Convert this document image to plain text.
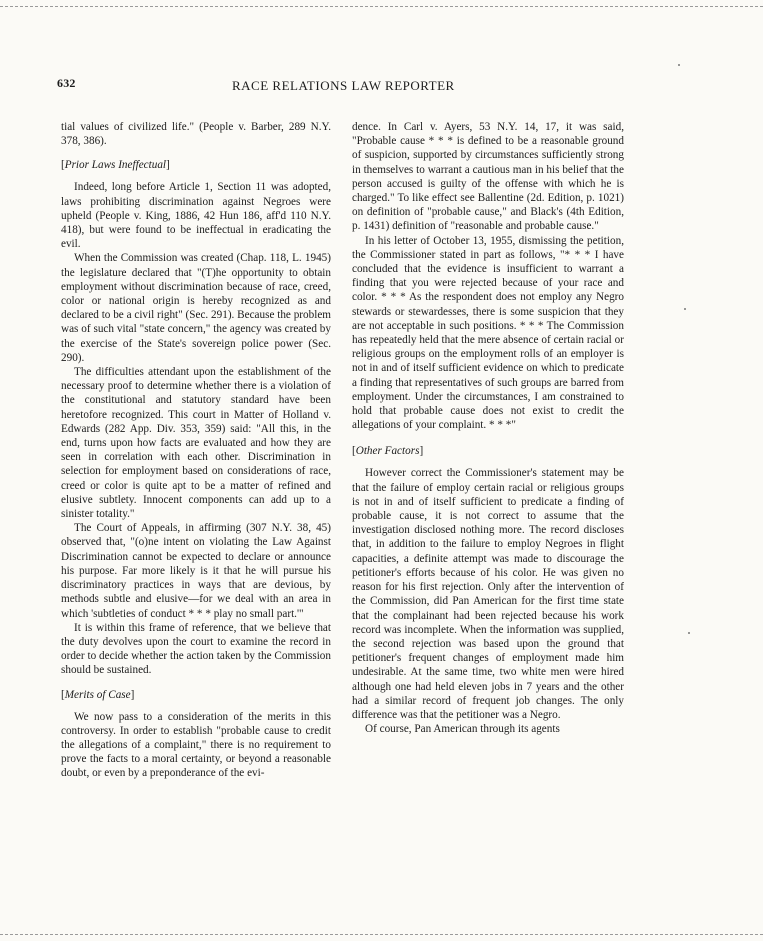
632	RACE RELATIONS LAW REPORTER

tial values of civilized life." (People v. Barber, 289 N.Y. 378, 386).

[Prior Laws Ineffectual]

Indeed, long before Article 1, Section 11 was adopted, laws prohibiting discrimination against Negroes were upheld (People v. King, 1886, 42 Hun 186, aff'd 110 N.Y. 418), but were found to be ineffectual in eradicating the evil.

When the Commission was created (Chap. 118, L. 1945) the legislature declared that "(T)he opportunity to obtain employment without discrimination because of race, creed, color or national origin is hereby recognized as and declared to be a civil right" (Sec. 291). Because the problem was of such vital "state concern," the agency was created by the exercise of the State's sovereign police power (Sec. 290).

The difficulties attendant upon the establishment of the necessary proof to determine whether there is a violation of the constitutional and statutory standard have been heretofore recognized. This court in Matter of Holland v. Edwards (282 App. Div. 353, 359) said: "All this, in the end, turns upon how facts are evaluated and how they are seen in correlation with each other. Discrimination in selection for employment based on considerations of race, creed or color is quite apt to be a matter of refined and elusive subtlety. Innocent components can add up to a sinister totality."

The Court of Appeals, in affirming (307 N.Y. 38, 45) observed that, "(o)ne intent on violating the Law Against Discrimination cannot be expected to declare or announce his purpose. Far more likely is it that he will pursue his discriminatory practices in ways that are devious, by methods subtle and elusive—for we deal with an area in which 'subtleties of conduct * * * play no small part.'"

It is within this frame of reference, that we believe that the duty devolves upon the court to examine the record in order to decide whether the action taken by the Commission should be sustained.

[Merits of Case]

We now pass to a consideration of the merits in this controversy. In order to establish "probable cause to credit the allegations of a complaint," there is no requirement to prove the facts to a moral certainty, or beyond a reasonable doubt, or even by a preponderance of the evi-

dence. In Carl v. Ayers, 53 N.Y. 14, 17, it was said, "Probable cause * * * is defined to be a reasonable ground of suspicion, supported by circumstances sufficiently strong in themselves to warrant a cautious man in his belief that the person accused is guilty of the offense with which he is charged." To like effect see Ballentine (2d. Edition, p. 1021) on definition of "probable cause," and Black's (4th Edition, p. 1431) definition of "reasonable and probable cause."

In his letter of October 13, 1955, dismissing the petition, the Commissioner stated in part as follows, "* * * I have concluded that the evidence is insufficient to warrant a finding that you were rejected because of your race and color. * * * As the respondent does not employ any Negro stewards or stewardesses, there is some suspicion that they are not acceptable in such positions. * * * The Commission has repeatedly held that the mere absence of certain racial or religious groups on the employment rolls of an employer is not in and of itself sufficient evidence on which to predicate a finding that representatives of such groups are barred from employment. Under the circumstances, I am constrained to hold that probable cause does not exist to credit the allegations of your complaint. * * *"

[Other Factors]

However correct the Commissioner's statement may be that the failure of employ certain racial or religious groups is not in and of itself sufficient to predicate a finding of probable cause, it is not correct to assume that the investigation disclosed nothing more. The record discloses that, in addition to the failure to employ Negroes in flight capacities, a definite attempt was made to discourage the petitioner's efforts because of his color. He was given no reason for his first rejection. Only after the intervention of the Commission, did Pan American for the first time state that the complainant had been rejected because his work record was incomplete. When the information was supplied, the second rejection was based upon the ground that petitioner's frequent changes of employment made him undesirable. At the same time, two white men were hired although one had held eleven jobs in 7 years and the other had a similar record of frequent job changes. The only difference was that the petitioner was a Negro.

Of course, Pan American through its agents
